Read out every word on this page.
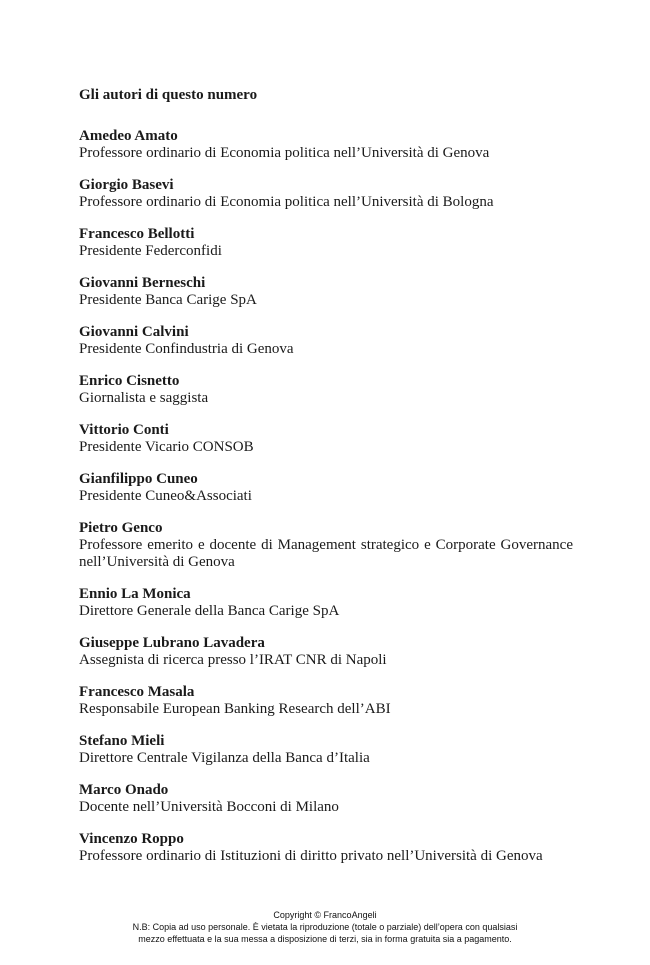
Gli autori di questo numero
Amedeo Amato
Professore ordinario di Economia politica nell’Università di Genova
Giorgio Basevi
Professore ordinario di Economia politica nell’Università di Bologna
Francesco Bellotti
Presidente Federconfidi
Giovanni Berneschi
Presidente Banca Carige SpA
Giovanni Calvini
Presidente Confindustria di Genova
Enrico Cisnetto
Giornalista e saggista
Vittorio Conti
Presidente Vicario CONSOB
Gianfilippo Cuneo
Presidente Cuneo&Associati
Pietro Genco
Professore emerito e docente di Management strategico e Corporate Governance nell’Università di Genova
Ennio La Monica
Direttore Generale della Banca Carige SpA
Giuseppe Lubrano Lavadera
Assegnista di ricerca presso l’IRAT CNR di Napoli
Francesco Masala
Responsabile European Banking Research dell’ABI
Stefano Mieli
Direttore Centrale Vigilanza della Banca d’Italia
Marco Onado
Docente nell’Università Bocconi di Milano
Vincenzo Roppo
Professore ordinario di Istituzioni di diritto privato nell’Università di Genova
Copyright © FrancoAngeli
N.B: Copia ad uso personale. È vietata la riproduzione (totale o parziale) dell’opera con qualsiasi
mezzo effettuata e la sua messa a disposizione di terzi, sia in forma gratuita sia a pagamento.
